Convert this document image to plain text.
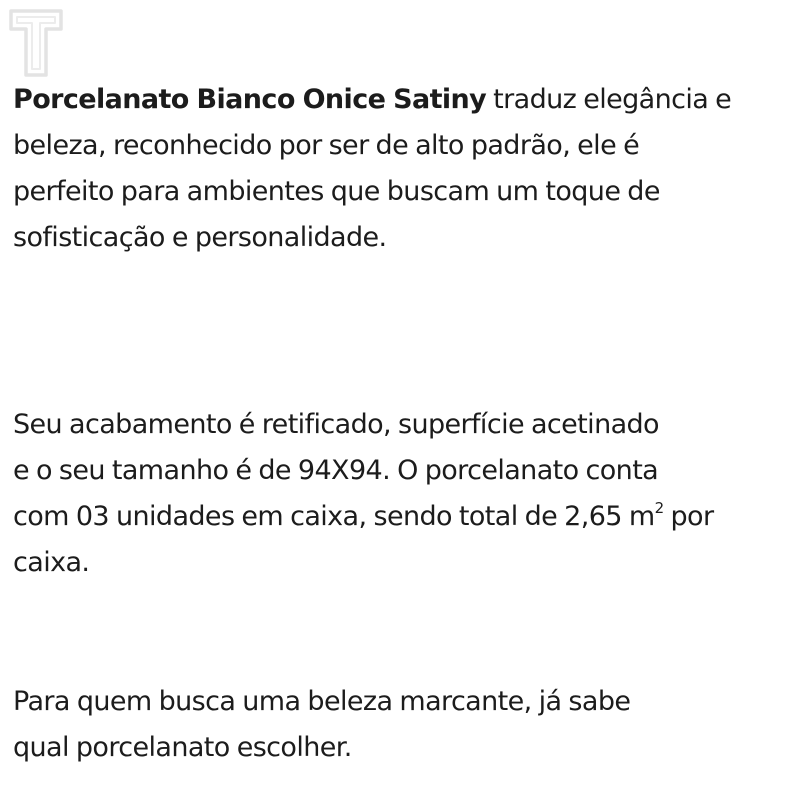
Porcelanato Bianco Onice Satiny traduz elegância e
beleza, reconhecido por ser de alto padrão, ele é
perfeito para ambientes que buscam um toque de
sofisticação e personalidade.

Seu acabamento é retificado, superfície acetinado
e o seu tamanho é de 94X94. O porcelanato conta
com 03 unidades em caixa, sendo total de 2,65 $m^2$ por
caixa.

Para quem busca uma beleza marcante, já sabe
qual porcelanato escolher.
